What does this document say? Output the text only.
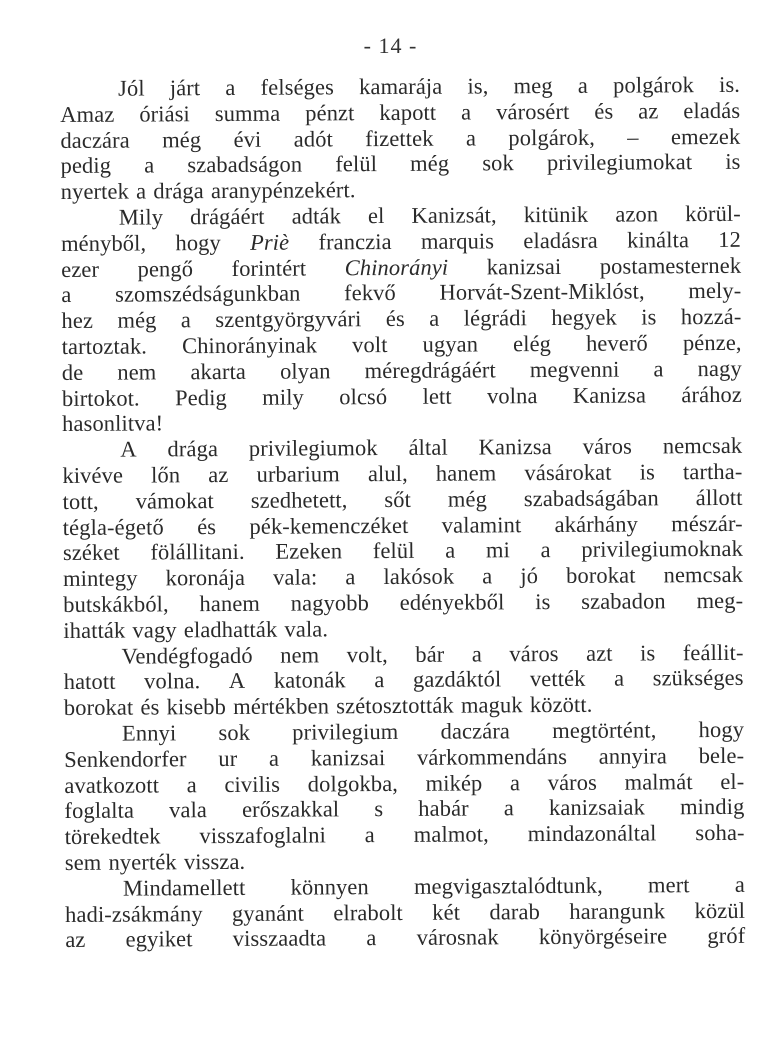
- 14 -
Jól járt a felséges kamarája is, meg a polgárok is.
Amaz óriási summa pénzt kapott a városért és az eladás
daczára még évi adót fizettek a polgárok, – emezek
pedig a szabadságon felül még sok privilegiumokat is
nyertek a drága aranypénzekért.
Mily drágáért adták el Kanizsát, kitünik azon körül-
ményből, hogy Priè franczia marquis eladásra kinálta 12
ezer pengő forintért Chinorányi kanizsai postamesternek
a szomszédságunkban fekvő Horvát-Szent-Miklóst, mely-
hez még a szentgyörgyvári és a légrádi hegyek is hozzá-
tartoztak. Chinorányinak volt ugyan elég heverő pénze,
de nem akarta olyan méregdrágáért megvenni a nagy
birtokot. Pedig mily olcsó lett volna Kanizsa árához
hasonlitva!
A drága privilegiumok által Kanizsa város nemcsak
kivéve lőn az urbarium alul, hanem vásárokat is tartha-
tott, vámokat szedhetett, sőt még szabadságában állott
tégla-égető és pék-kemenczéket valamint akárhány mészár-
széket fölállitani. Ezeken felül a mi a privilegiumoknak
mintegy koronája vala: a lakósok a jó borokat nemcsak
butskákból, hanem nagyobb edényekből is szabadon meg-
ihatták vagy eladhatták vala.
Vendégfogadó nem volt, bár a város azt is feállit-
hatott volna. A katonák a gazdáktól vették a szükséges
borokat és kisebb mértékben szétosztották maguk között.
Ennyi sok privilegium daczára megtörtént, hogy
Senkendorfer ur a kanizsai várkommendáns annyira bele-
avatkozott a civilis dolgokba, mikép a város malmát el-
foglalta vala erőszakkal s habár a kanizsaiak mindig
törekedtek visszafoglalni a malmot, mindazonáltal soha-
sem nyerték vissza.
Mindamellett könnyen megvigasztalódtunk, mert a
hadi-zsákmány gyanánt elrabolt két darab harangunk közül
az egyiket visszaadta a városnak könyörgéseire gróf
